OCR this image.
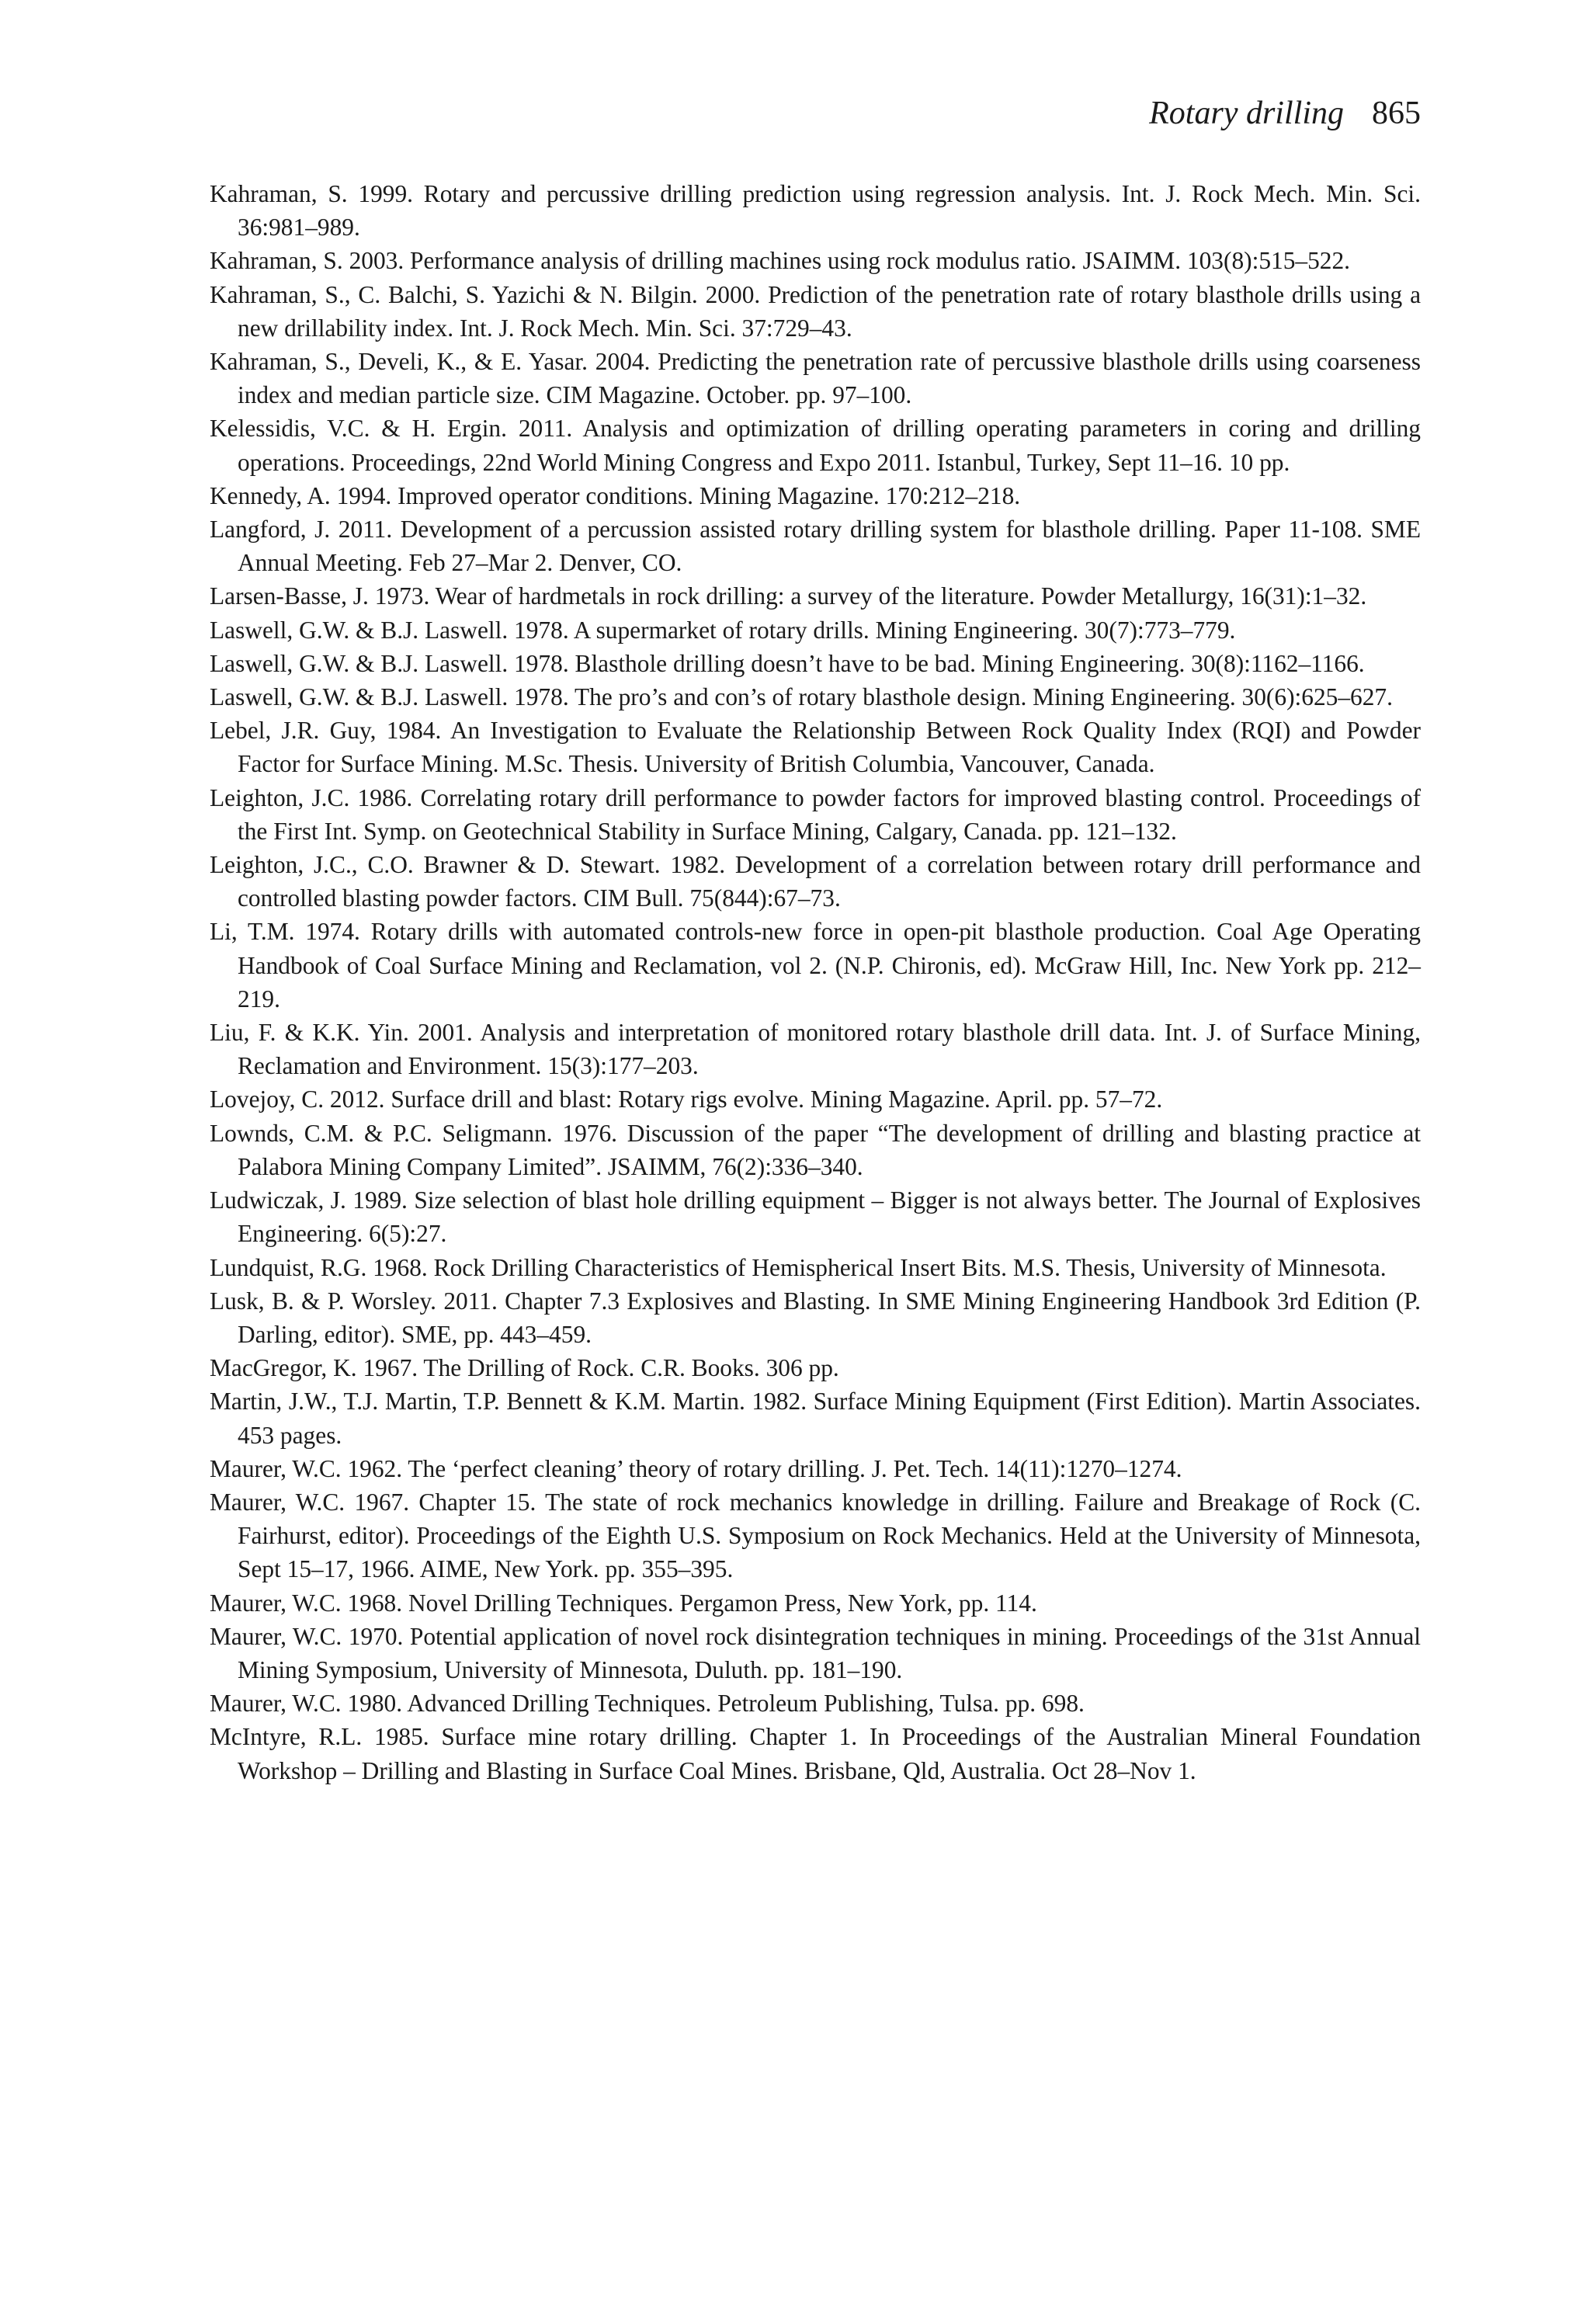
Rotary drilling 865
Kahraman, S. 1999. Rotary and percussive drilling prediction using regression analysis. Int. J. Rock Mech. Min. Sci. 36:981–989.
Kahraman, S. 2003. Performance analysis of drilling machines using rock modulus ratio. JSAIMM. 103(8):515–522.
Kahraman, S., C. Balchi, S. Yazichi & N. Bilgin. 2000. Prediction of the penetration rate of rotary blasthole drills using a new drillability index. Int. J. Rock Mech. Min. Sci. 37:729–43.
Kahraman, S., Develi, K., & E. Yasar. 2004. Predicting the penetration rate of percussive blasthole drills using coarseness index and median particle size. CIM Magazine. October. pp. 97–100.
Kelessidis, V.C. & H. Ergin. 2011. Analysis and optimization of drilling operating parameters in coring and drilling operations. Proceedings, 22nd World Mining Congress and Expo 2011. Istanbul, Turkey, Sept 11–16. 10 pp.
Kennedy, A. 1994. Improved operator conditions. Mining Magazine. 170:212–218.
Langford, J. 2011. Development of a percussion assisted rotary drilling system for blasthole drilling. Paper 11-108. SME Annual Meeting. Feb 27–Mar 2. Denver, CO.
Larsen-Basse, J. 1973. Wear of hardmetals in rock drilling: a survey of the literature. Powder Metallurgy, 16(31):1–32.
Laswell, G.W. & B.J. Laswell. 1978. A supermarket of rotary drills. Mining Engineering. 30(7):773–779.
Laswell, G.W. & B.J. Laswell. 1978. Blasthole drilling doesn’t have to be bad. Mining Engineering. 30(8):1162–1166.
Laswell, G.W. & B.J. Laswell. 1978. The pro’s and con’s of rotary blasthole design. Mining Engineering. 30(6):625–627.
Lebel, J.R. Guy, 1984. An Investigation to Evaluate the Relationship Between Rock Quality Index (RQI) and Powder Factor for Surface Mining. M.Sc. Thesis. University of British Columbia, Vancouver, Canada.
Leighton, J.C. 1986. Correlating rotary drill performance to powder factors for improved blasting control. Proceedings of the First Int. Symp. on Geotechnical Stability in Surface Mining, Calgary, Canada. pp. 121–132.
Leighton, J.C., C.O. Brawner & D. Stewart. 1982. Development of a correlation between rotary drill performance and controlled blasting powder factors. CIM Bull. 75(844):67–73.
Li, T.M. 1974. Rotary drills with automated controls-new force in open-pit blasthole production. Coal Age Operating Handbook of Coal Surface Mining and Reclamation, vol 2. (N.P. Chironis, ed). McGraw Hill, Inc. New York pp. 212–219.
Liu, F. & K.K. Yin. 2001. Analysis and interpretation of monitored rotary blasthole drill data. Int. J. of Surface Mining, Reclamation and Environment. 15(3):177–203.
Lovejoy, C. 2012. Surface drill and blast: Rotary rigs evolve. Mining Magazine. April. pp. 57–72.
Lownds, C.M. & P.C. Seligmann. 1976. Discussion of the paper “The development of drilling and blasting practice at Palabora Mining Company Limited”. JSAIMM, 76(2):336–340.
Ludwiczak, J. 1989. Size selection of blast hole drilling equipment – Bigger is not always better. The Journal of Explosives Engineering. 6(5):27.
Lundquist, R.G. 1968. Rock Drilling Characteristics of Hemispherical Insert Bits. M.S. Thesis, University of Minnesota.
Lusk, B. & P. Worsley. 2011. Chapter 7.3 Explosives and Blasting. In SME Mining Engineering Handbook 3rd Edition (P. Darling, editor). SME, pp. 443–459.
MacGregor, K. 1967. The Drilling of Rock. C.R. Books. 306 pp.
Martin, J.W., T.J. Martin, T.P. Bennett & K.M. Martin. 1982. Surface Mining Equipment (First Edition). Martin Associates. 453 pages.
Maurer, W.C. 1962. The ‘perfect cleaning’ theory of rotary drilling. J. Pet. Tech. 14(11):1270–1274.
Maurer, W.C. 1967. Chapter 15. The state of rock mechanics knowledge in drilling. Failure and Breakage of Rock (C. Fairhurst, editor). Proceedings of the Eighth U.S. Symposium on Rock Mechanics. Held at the University of Minnesota, Sept 15–17, 1966. AIME, New York. pp. 355–395.
Maurer, W.C. 1968. Novel Drilling Techniques. Pergamon Press, New York, pp. 114.
Maurer, W.C. 1970. Potential application of novel rock disintegration techniques in mining. Proceedings of the 31st Annual Mining Symposium, University of Minnesota, Duluth. pp. 181–190.
Maurer, W.C. 1980. Advanced Drilling Techniques. Petroleum Publishing, Tulsa. pp. 698.
McIntyre, R.L. 1985. Surface mine rotary drilling. Chapter 1. In Proceedings of the Australian Mineral Foundation Workshop – Drilling and Blasting in Surface Coal Mines. Brisbane, Qld, Australia. Oct 28–Nov 1.
